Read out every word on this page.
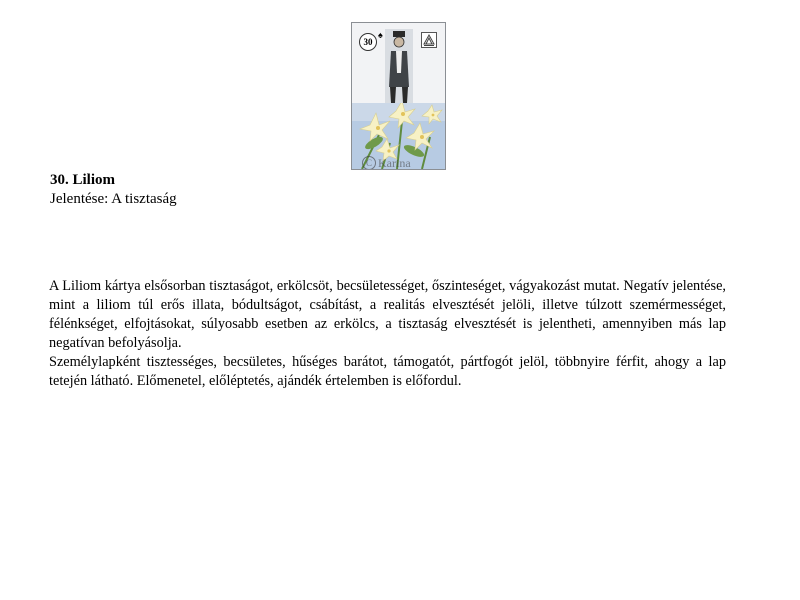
30
♠
C Karina
30. Liliom

Jelentése: A tisztaság

A Liliom kártya elsősorban tisztaságot, erkölcsöt, becsületességet, őszinteséget, vágyakozást mutat. Negatív jelentése, mint a liliom túl erős illata, bódultságot, csábítást, a realitás elvesztését jelöli, illetve túlzott szemérmességet, félénkséget, elfojtásokat, súlyosabb esetben az erkölcs, a tisztaság elvesztését is jelentheti, amennyiben más lap negatívan befolyásolja.

Személylapként tisztességes, becsületes, hűséges barátot, támogatót, pártfogót jelöl, többnyire férfit, ahogy a lap tetején látható. Előmenetel, előléptetés, ajándék értelemben is előfordul.
